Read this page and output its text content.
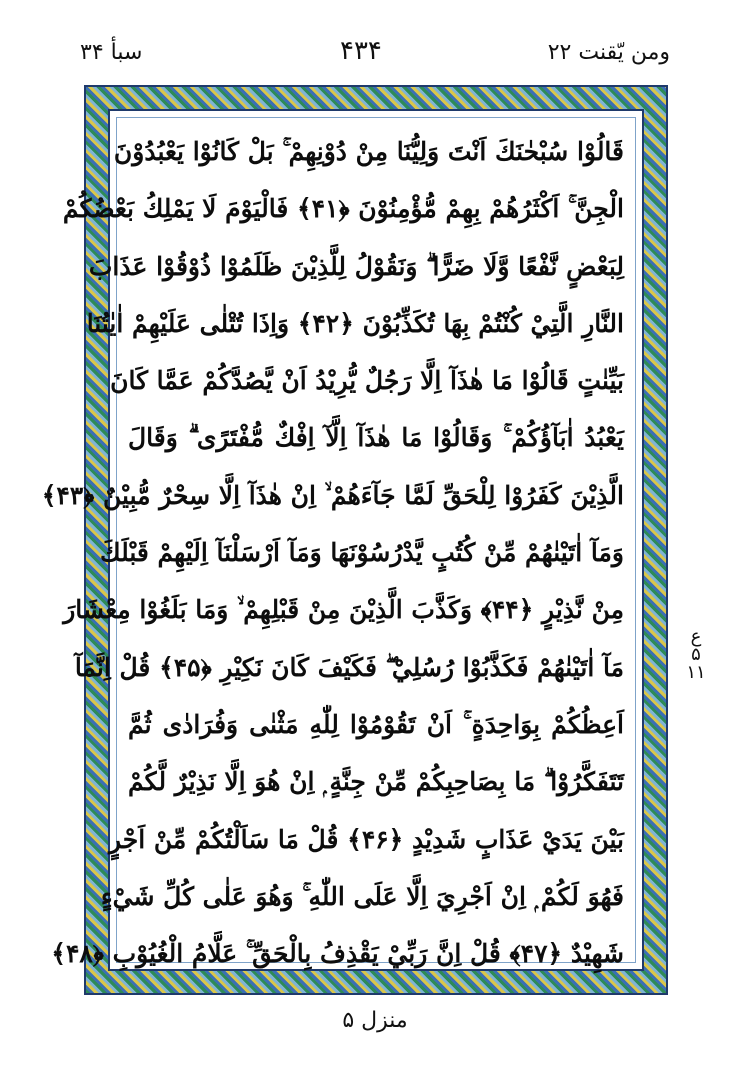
ومن یّقنت ۲۲
۴۳۴
سبأ ۳۴
قَالُوْا سُبْحٰنَكَ اَنْتَ وَلِيُّنَا مِنْ دُوْنِهِمْ ۚ بَلْ كَانُوْا يَعْبُدُوْنَ
الْجِنَّ ۚ اَكْثَرُهُمْ بِهِمْ مُّؤْمِنُوْنَ ﴿۴۱﴾ فَالْيَوْمَ لَا يَمْلِكُ بَعْضُكُمْ
لِبَعْضٍ نَّفْعًا وَّلَا ضَرًّا ۗ وَنَقُوْلُ لِلَّذِيْنَ ظَلَمُوْا ذُوْقُوْا عَذَابَ
النَّارِ الَّتِيْ كُنْتُمْ بِهَا تُكَذِّبُوْنَ ﴿۴۲﴾ وَاِذَا تُتْلٰى عَلَيْهِمْ اٰيٰتُنَا
بَيِّنٰتٍ قَالُوْا مَا هٰذَآ اِلَّا رَجُلٌ يُّرِيْدُ اَنْ يَّصُدَّكُمْ عَمَّا كَانَ
يَعْبُدُ اٰبَآؤُكُمْ ۚ وَقَالُوْا مَا هٰذَآ اِلَّآ اِفْكٌ مُّفْتَرًى ۗ وَقَالَ
الَّذِيْنَ كَفَرُوْا لِلْحَقِّ لَمَّا جَآءَهُمْ ۙ اِنْ هٰذَآ اِلَّا سِحْرٌ مُّبِيْنٌ ﴿۴۳﴾
وَمَآ اٰتَيْنٰهُمْ مِّنْ كُتُبٍ يَّدْرُسُوْنَهَا وَمَآ اَرْسَلْنَآ اِلَيْهِمْ قَبْلَكَ
مِنْ نَّذِيْرٍ ﴿۴۴﴾ وَكَذَّبَ الَّذِيْنَ مِنْ قَبْلِهِمْ ۙ وَمَا بَلَغُوْا مِعْشَارَ
مَآ اٰتَيْنٰهُمْ فَكَذَّبُوْا رُسُلِيْ ۖ فَكَيْفَ كَانَ نَكِيْرِ ﴿۴۵﴾ قُلْ اِنَّمَآ
اَعِظُكُمْ بِوَاحِدَةٍ ۚ اَنْ تَقُوْمُوْا لِلّٰهِ مَثْنٰى وَفُرَادٰى ثُمَّ
تَتَفَكَّرُوْا ۗ مَا بِصَاحِبِكُمْ مِّنْ جِنَّةٍ ۭ اِنْ هُوَ اِلَّا نَذِيْرٌ لَّكُمْ
بَيْنَ يَدَيْ عَذَابٍ شَدِيْدٍ ﴿۴۶﴾ قُلْ مَا سَاَلْتُكُمْ مِّنْ اَجْرٍ
فَهُوَ لَكُمْ ۭ اِنْ اَجْرِيَ اِلَّا عَلَى اللّٰهِ ۚ وَهُوَ عَلٰى كُلِّ شَيْءٍ
شَهِيْدٌ ﴿۴۷﴾ قُلْ اِنَّ رَبِّيْ يَقْذِفُ بِالْحَقِّ ۚ عَلَّامُ الْغُيُوْبِ ﴿۴۸﴾
ع
۵
۱۱
منزل ۵
